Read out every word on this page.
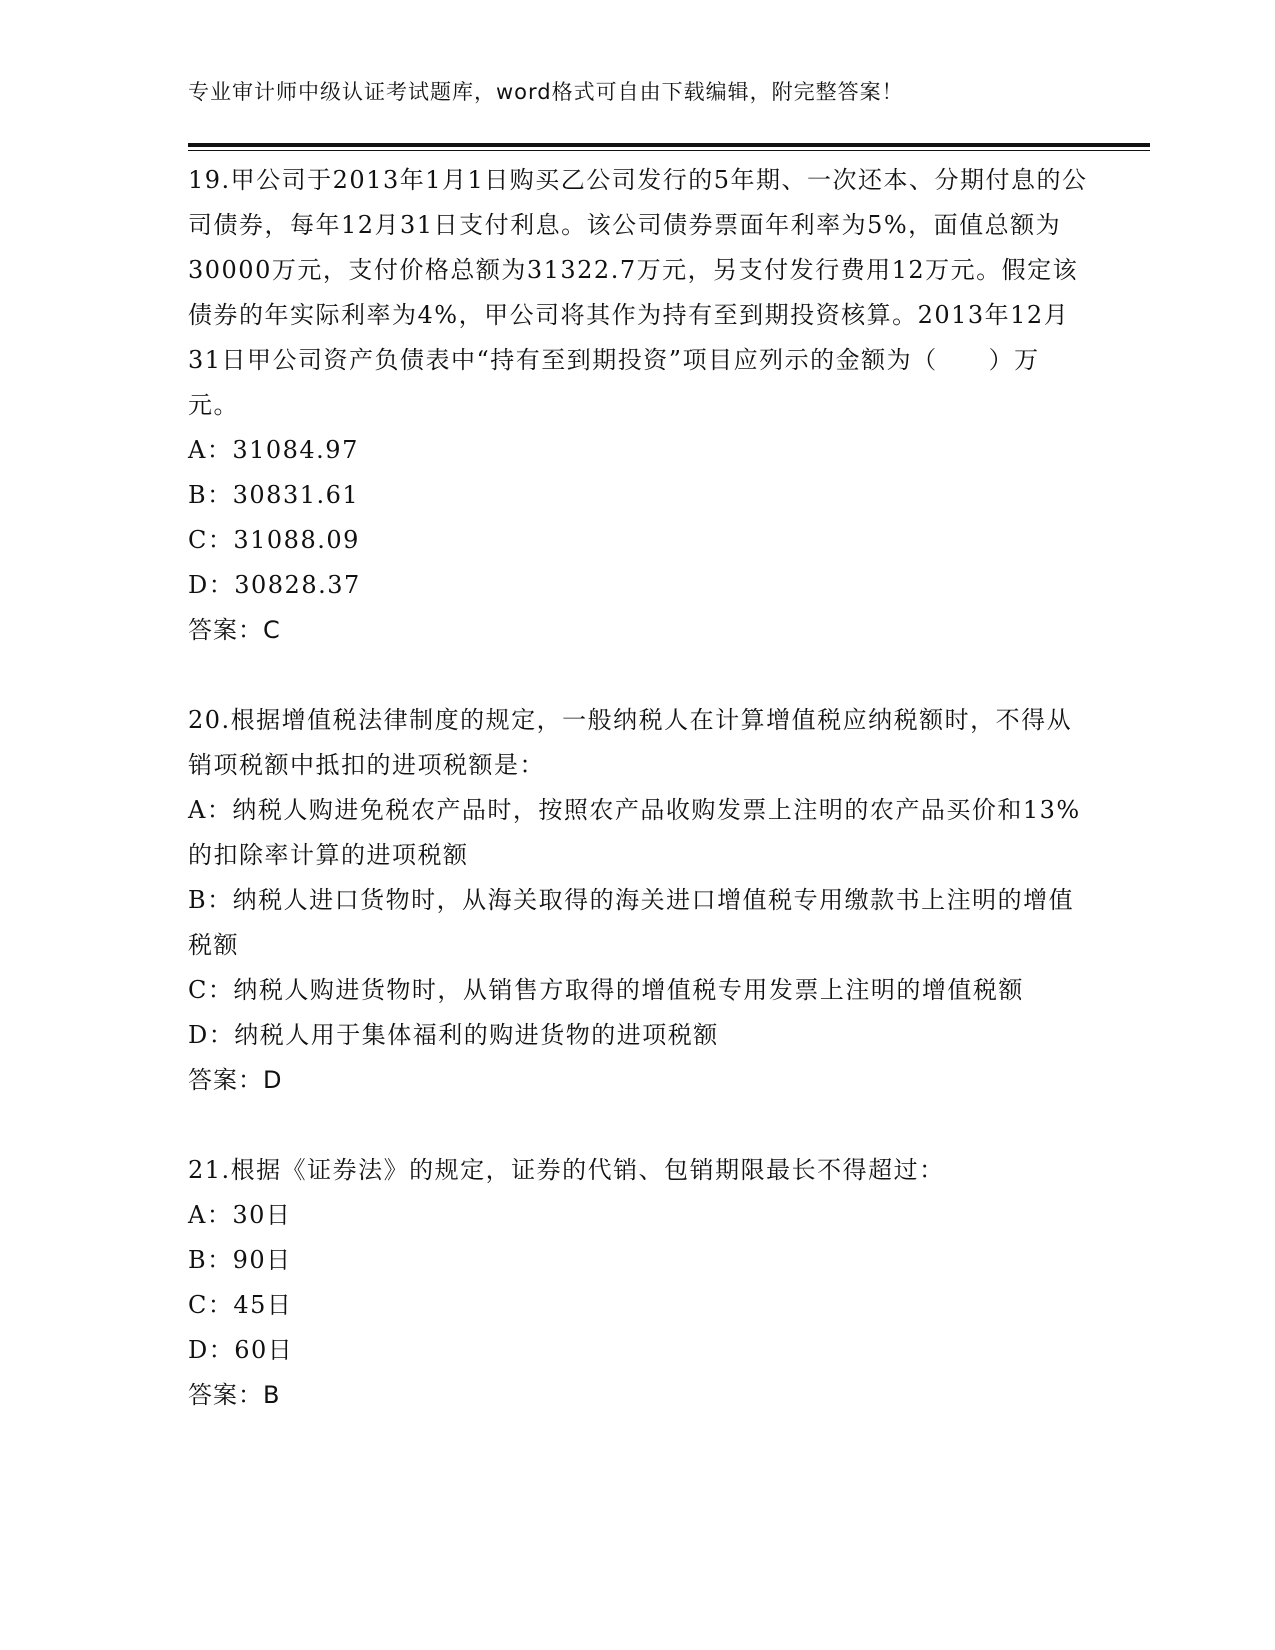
专业审计师中级认证考试题库，word格式可自由下载编辑，附完整答案！
19.甲公司于2013年1月1日购买乙公司发行的5年期、一次还本、分期付息的公司债券，每年12月31日支付利息。该公司债券票面年利率为5%，面值总额为30000万元，支付价格总额为31322.7万元，另支付发行费用12万元。假定该债券的年实际利率为4%，甲公司将其作为持有至到期投资核算。2013年12月31日甲公司资产负债表中“持有至到期投资”项目应列示的金额为（　　）万元。
A：31084.97
B：30831.61
C：31088.09
D：30828.37
答案：C
20.根据增值税法律制度的规定，一般纳税人在计算增值税应纳税额时，不得从销项税额中抵扣的进项税额是：
A：纳税人购进免税农产品时，按照农产品收购发票上注明的农产品买价和13%的扣除率计算的进项税额
B：纳税人进口货物时，从海关取得的海关进口增值税专用缴款书上注明的增值税额
C：纳税人购进货物时，从销售方取得的增值税专用发票上注明的增值税额
D：纳税人用于集体福利的购进货物的进项税额
答案：D
21.根据《证券法》的规定，证券的代销、包销期限最长不得超过：
A：30日
B：90日
C：45日
D：60日
答案：B
